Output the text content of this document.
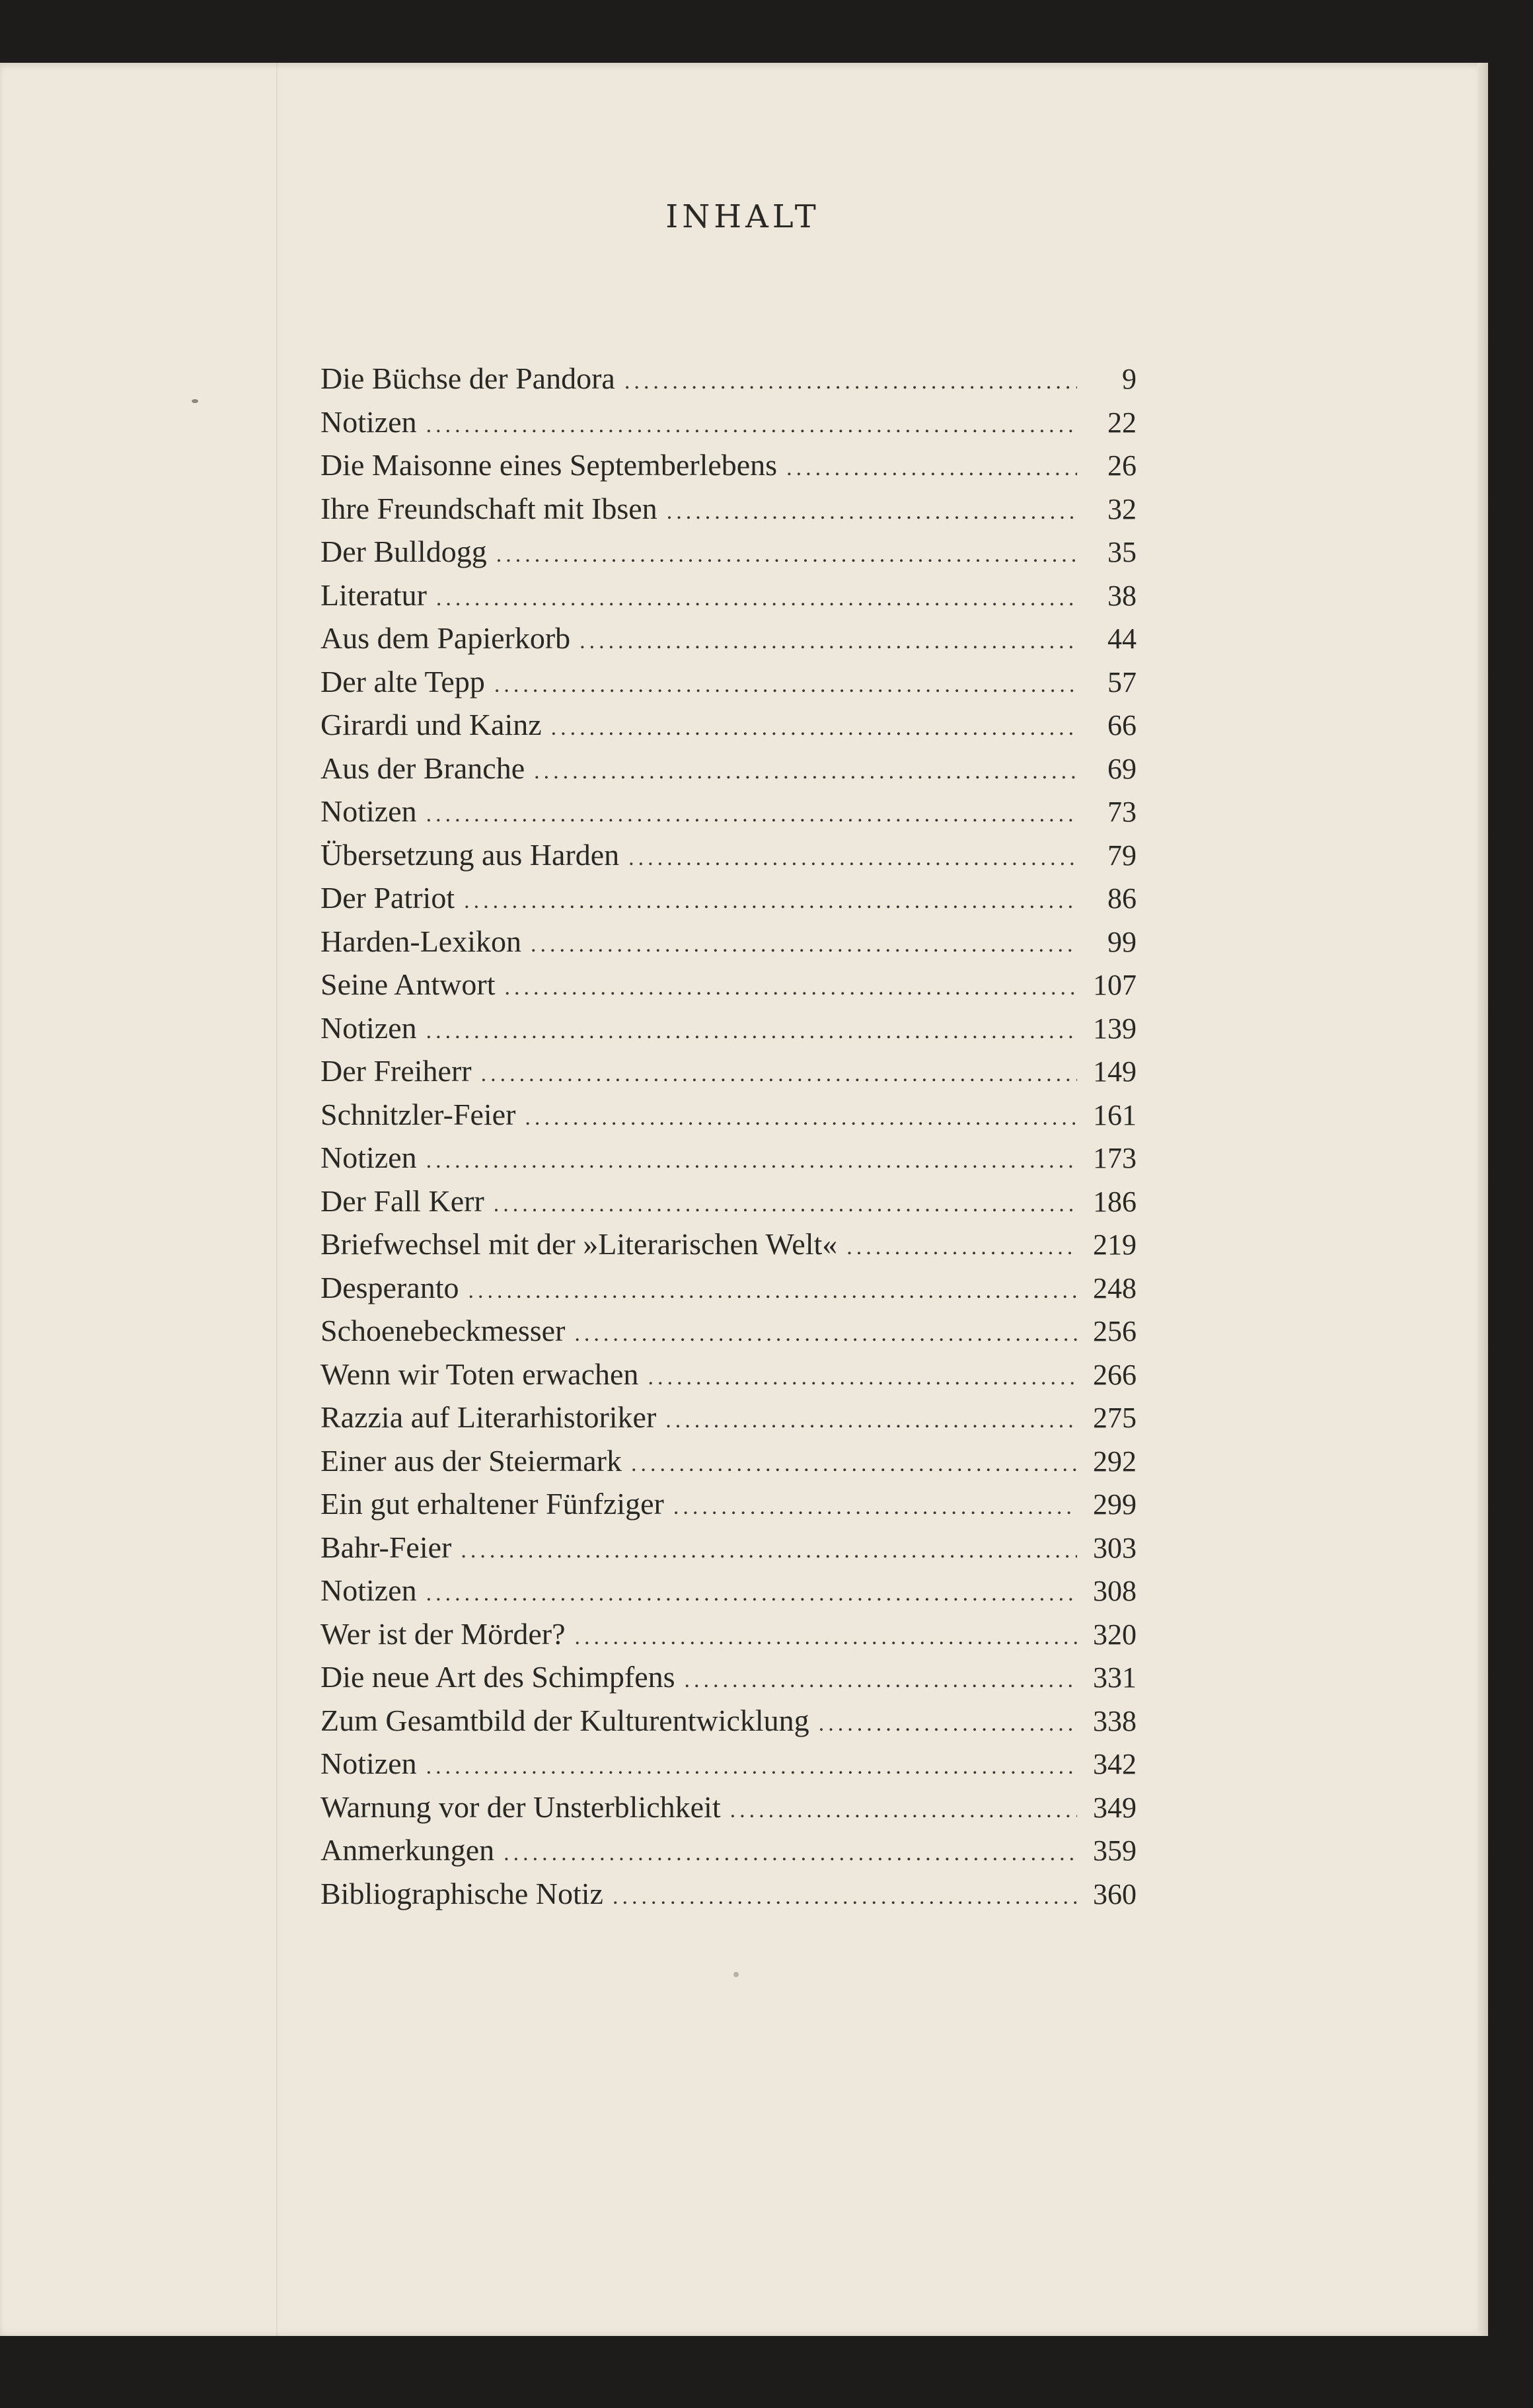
INHALT
Die Büchse der Pandora .....	9
Notizen .....	22
Die Maisonne eines Septemberlebens .....	26
Ihre Freundschaft mit Ibsen .....	32
Der Bulldogg .....	35
Literatur .....	38
Aus dem Papierkorb .....	44
Der alte Tepp .....	57
Girardi und Kainz .....	66
Aus der Branche .....	69
Notizen .....	73
Übersetzung aus Harden .....	79
Der Patriot .....	86
Harden-Lexikon .....	99
Seine Antwort .....	107
Notizen .....	139
Der Freiherr .....	149
Schnitzler-Feier .....	161
Notizen .....	173
Der Fall Kerr .....	186
Briefwechsel mit der »Literarischen Welt« .....	219
Desperanto .....	248
Schoenebeckmesser .....	256
Wenn wir Toten erwachen .....	266
Razzia auf Literarhistoriker .....	275
Einer aus der Steiermark .....	292
Ein gut erhaltener Fünfziger .....	299
Bahr-Feier .....	303
Notizen .....	308
Wer ist der Mörder? .....	320
Die neue Art des Schimpfens .....	331
Zum Gesamtbild der Kulturentwicklung .....	338
Notizen .....	342
Warnung vor der Unsterblichkeit .....	349
Anmerkungen .....	359
Bibliographische Notiz .....	360
